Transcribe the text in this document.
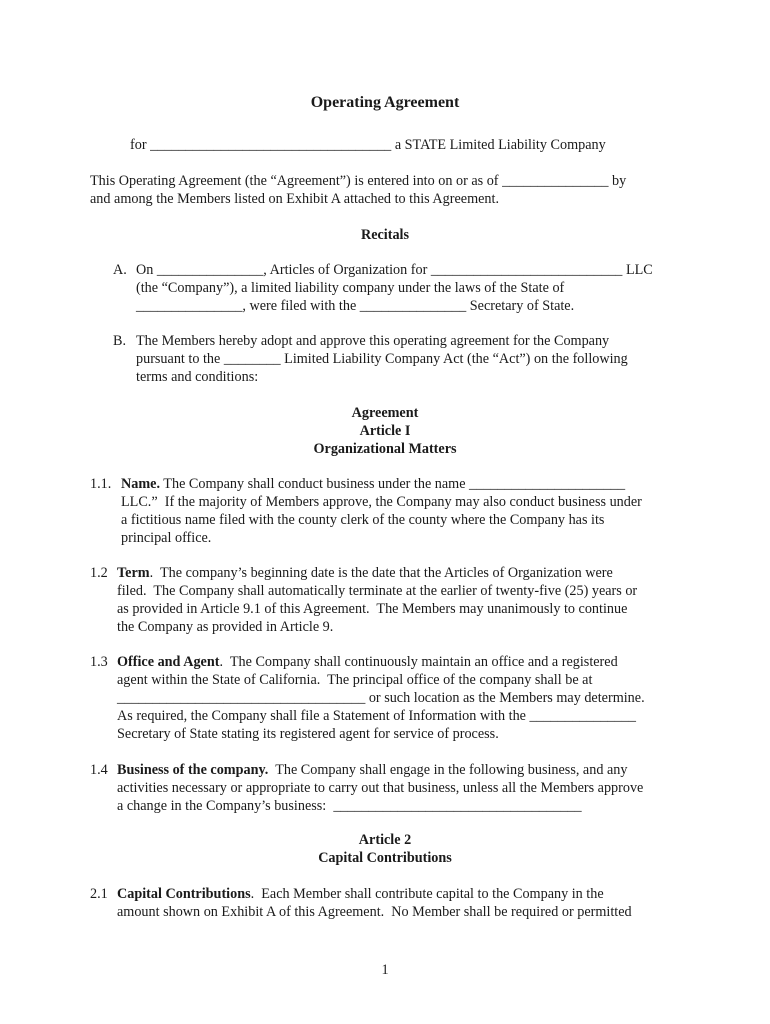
Operating Agreement
for __________________________________ a STATE Limited Liability Company
This Operating Agreement (the “Agreement”) is entered into on or as of _______________ by
and among the Members listed on Exhibit A attached to this Agreement.
Recitals
A. On _______________, Articles of Organization for ___________________________ LLC
(the “Company”), a limited liability company under the laws of the State of
_______________, were filed with the _______________ Secretary of State.
B. The Members hereby adopt and approve this operating agreement for the Company
pursuant to the ________ Limited Liability Company Act (the “Act”) on the following
terms and conditions:
Agreement
Article I
Organizational Matters
1.1. Name. The Company shall conduct business under the name ______________________
LLC.”  If the majority of Members approve, the Company may also conduct business under
a fictitious name filed with the county clerk of the county where the Company has its
principal office.
1.2 Term.  The company’s beginning date is the date that the Articles of Organization were
filed.  The Company shall automatically terminate at the earlier of twenty-five (25) years or
as provided in Article 9.1 of this Agreement.  The Members may unanimously to continue
the Company as provided in Article 9.
1.3 Office and Agent.  The Company shall continuously maintain an office and a registered
agent within the State of California.  The principal office of the company shall be at
___________________________________ or such location as the Members may determine.
As required, the Company shall file a Statement of Information with the _______________
Secretary of State stating its registered agent for service of process.
1.4 Business of the company.  The Company shall engage in the following business, and any
activities necessary or appropriate to carry out that business, unless all the Members approve
a change in the Company’s business:  ___________________________________
Article 2
Capital Contributions
2.1 Capital Contributions.  Each Member shall contribute capital to the Company in the
amount shown on Exhibit A of this Agreement.  No Member shall be required or permitted
1
